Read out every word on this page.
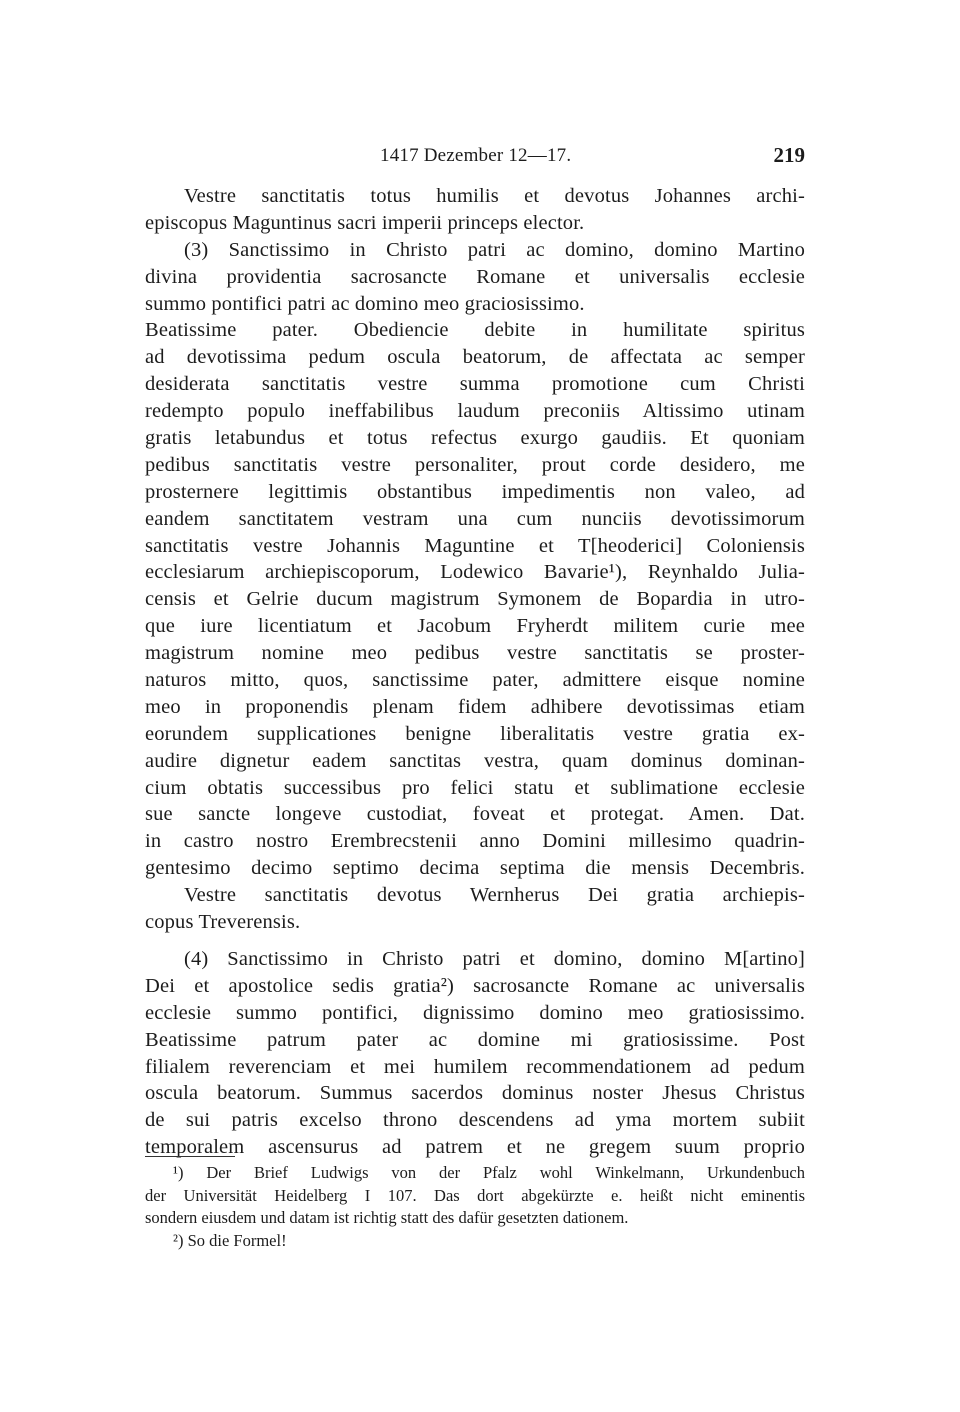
1417 Dezember 12—17.	219
Vestre sanctitatis totus humilis et devotus Johannes archi-
episcopus Maguntinus sacri imperii princeps elector.
(3) Sanctissimo in Christo patri ac domino, domino Martino
divina providentia sacrosancte Romane et universalis ecclesie
summo pontifici patri ac domino meo graciosissimo.
Beatissime pater. Obediencie debite in humilitate spiritus
ad devotissima pedum oscula beatorum, de affectata ac semper
desiderata sanctitatis vestre summa promotione cum Christi
redempto populo ineffabilibus laudum preconiis Altissimo utinam
gratis letabundus et totus refectus exurgo gaudiis. Et quoniam
pedibus sanctitatis vestre personaliter, prout corde desidero, me
prosternere legittimis obstantibus impedimentis non valeo, ad
eandem sanctitatem vestram una cum nunciis devotissimorum
sanctitatis vestre Johannis Maguntine et T[heoderici] Coloniensis
ecclesiarum archiepiscoporum, Lodewico Bavarie¹), Reynhaldo Julia-
censis et Gelrie ducum magistrum Symonem de Bopardia in utro-
que iure licentiatum et Jacobum Fryherdt militem curie mee
magistrum nomine meo pedibus vestre sanctitatis se proster-
naturos mitto, quos, sanctissime pater, admittere eisque nomine
meo in proponendis plenam fidem adhibere devotissimas etiam
eorundem supplicationes benigne liberalitatis vestre gratia ex-
audire dignetur eadem sanctitas vestra, quam dominus dominan-
cium obtatis successibus pro felici statu et sublimatione ecclesie
sue sancte longeve custodiat, foveat et protegat. Amen. Dat.
in castro nostro Erembrecstenii anno Domini millesimo quadrin-
gentesimo decimo septimo decima septima die mensis Decembris.
Vestre sanctitatis devotus Wernherus Dei gratia archiepis-
copus Treverensis.
(4) Sanctissimo in Christo patri et domino, domino M[artino]
Dei et apostolice sedis gratia²) sacrosancte Romane ac universalis
ecclesie summo pontifici, dignissimo domino meo gratiosissimo.
Beatissime patrum pater ac domine mi gratiosissime. Post
filialem reverenciam et mei humilem recommendationem ad pedum
oscula beatorum. Summus sacerdos dominus noster Jhesus Christus
de sui patris excelso throno descendens ad yma mortem subiit
temporalem ascensurus ad patrem et ne gregem suum proprio
¹) Der Brief Ludwigs von der Pfalz wohl Winkelmann, Urkundenbuch
der Universität Heidelberg I 107. Das dort abgekürzte e. heißt nicht eminentis
sondern eiusdem und datam ist richtig statt des dafür gesetzten dationem.
²) So die Formel!
